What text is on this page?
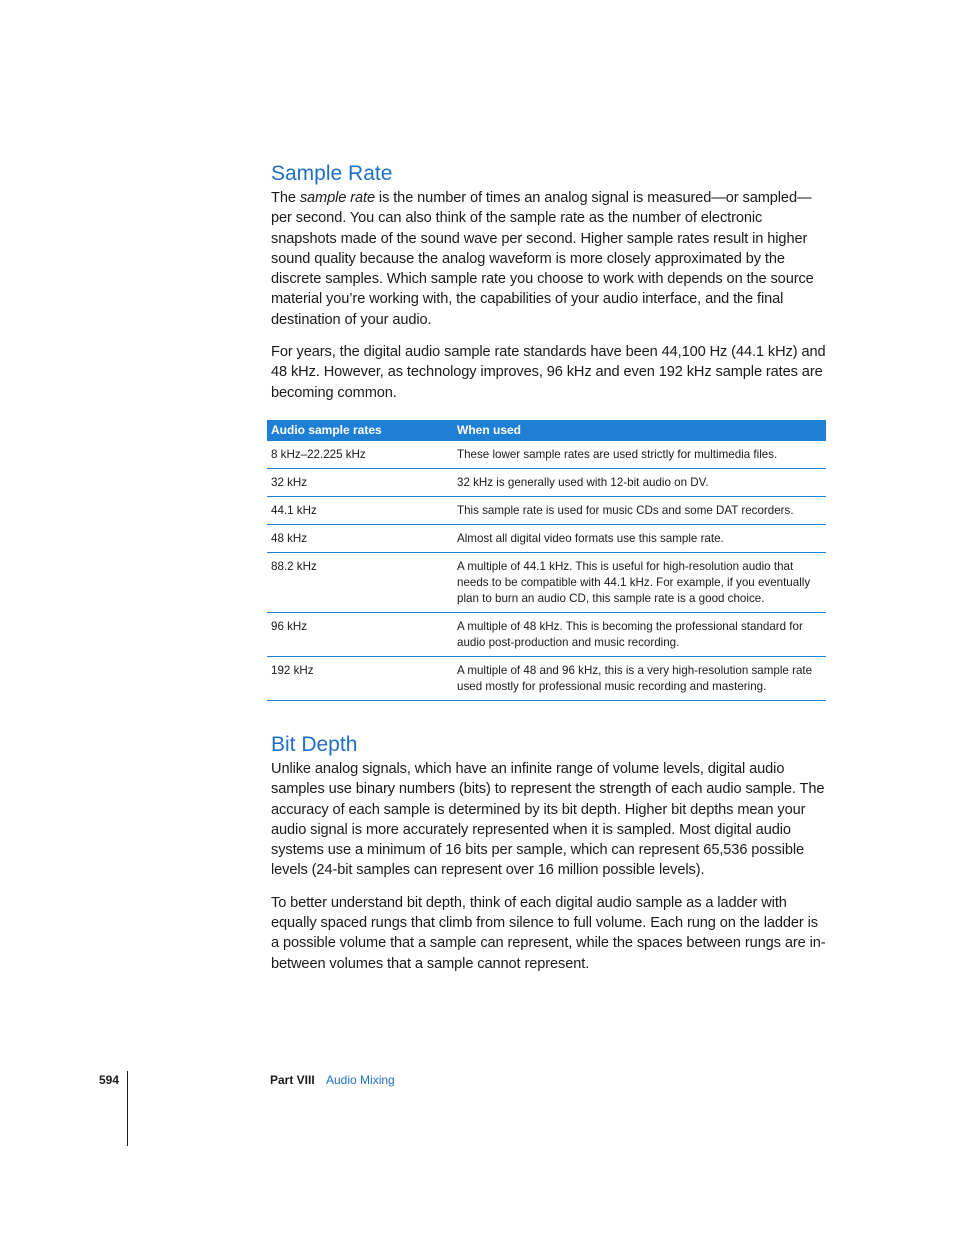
Sample Rate

The sample rate is the number of times an analog signal is measured—or sampled—per second. You can also think of the sample rate as the number of electronic snapshots made of the sound wave per second. Higher sample rates result in higher sound quality because the analog waveform is more closely approximated by the discrete samples. Which sample rate you choose to work with depends on the source material you’re working with, the capabilities of your audio interface, and the final destination of your audio.

For years, the digital audio sample rate standards have been 44,100 Hz (44.1 kHz) and 48 kHz. However, as technology improves, 96 kHz and even 192 kHz sample rates are becoming common.

Audio sample rates	When used
8 kHz–22.225 kHz	These lower sample rates are used strictly for multimedia files.
32 kHz	32 kHz is generally used with 12-bit audio on DV.
44.1 kHz	This sample rate is used for music CDs and some DAT recorders.
48 kHz	Almost all digital video formats use this sample rate.
88.2 kHz	A multiple of 44.1 kHz. This is useful for high-resolution audio that needs to be compatible with 44.1 kHz. For example, if you eventually plan to burn an audio CD, this sample rate is a good choice.
96 kHz	A multiple of 48 kHz. This is becoming the professional standard for audio post-production and music recording.
192 kHz	A multiple of 48 and 96 kHz, this is a very high-resolution sample rate used mostly for professional music recording and mastering.
Bit Depth

Unlike analog signals, which have an infinite range of volume levels, digital audio samples use binary numbers (bits) to represent the strength of each audio sample. The accuracy of each sample is determined by its bit depth. Higher bit depths mean your audio signal is more accurately represented when it is sampled. Most digital audio systems use a minimum of 16 bits per sample, which can represent 65,536 possible levels (24-bit samples can represent over 16 million possible levels).

To better understand bit depth, think of each digital audio sample as a ladder with equally spaced rungs that climb from silence to full volume. Each rung on the ladder is a possible volume that a sample can represent, while the spaces between rungs are in-between volumes that a sample cannot represent.

594	Part VIII Audio Mixing
